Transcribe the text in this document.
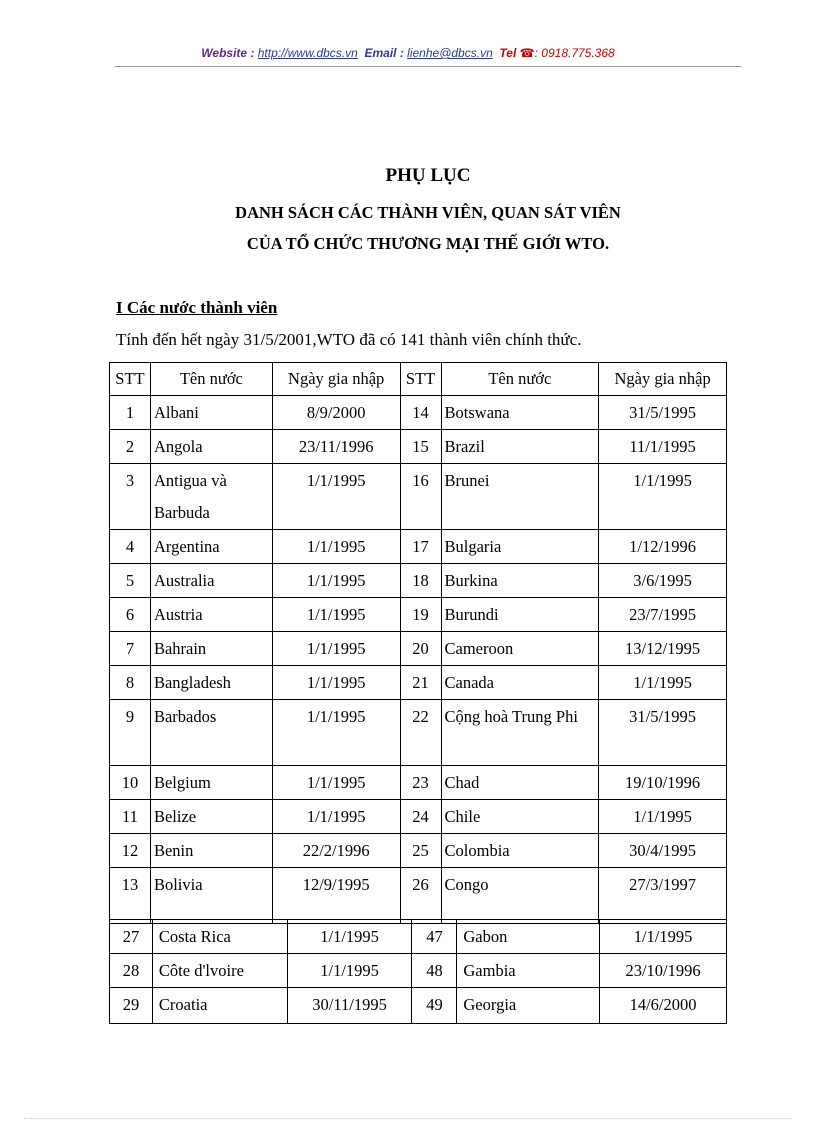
Website : http://www.dbcs.vn Email : lienhe@dbcs.vn Tel ☎: 0918.775.368
PHỤ LỤC
DANH SÁCH CÁC THÀNH VIÊN, QUAN SÁT VIÊN
CỦA TỔ CHỨC THƯƠNG MẠI THẾ GIỚI WTO.
I Các nước thành viên
Tính đến hết ngày 31/5/2001,WTO đã có 141 thành viên chính thức.
STT	Tên nước	Ngày gia nhập	STT	Tên nước	Ngày gia nhập
1	Albani	8/9/2000	14	Botswana	31/5/1995
2	Angola	23/11/1996	15	Brazil	11/1/1995
3	Antigua và Barbuda	1/1/1995	16	Brunei	1/1/1995
4	Argentina	1/1/1995	17	Bulgaria	1/12/1996
5	Australia	1/1/1995	18	Burkina	3/6/1995
6	Austria	1/1/1995	19	Burundi	23/7/1995
7	Bahrain	1/1/1995	20	Cameroon	13/12/1995
8	Bangladesh	1/1/1995	21	Canada	1/1/1995
9	Barbados	1/1/1995	22	Cộng hoà Trung Phi	31/5/1995
10	Belgium	1/1/1995	23	Chad	19/10/1996
11	Belize	1/1/1995	24	Chile	1/1/1995
12	Benin	22/2/1996	25	Colombia	30/4/1995
13	Bolivia	12/9/1995	26	Congo	27/3/1997
27	Costa Rica	1/1/1995	47	Gabon	1/1/1995
28	Côte d'lvoire	1/1/1995	48	Gambia	23/10/1996
29	Croatia	30/11/1995	49	Georgia	14/6/2000
